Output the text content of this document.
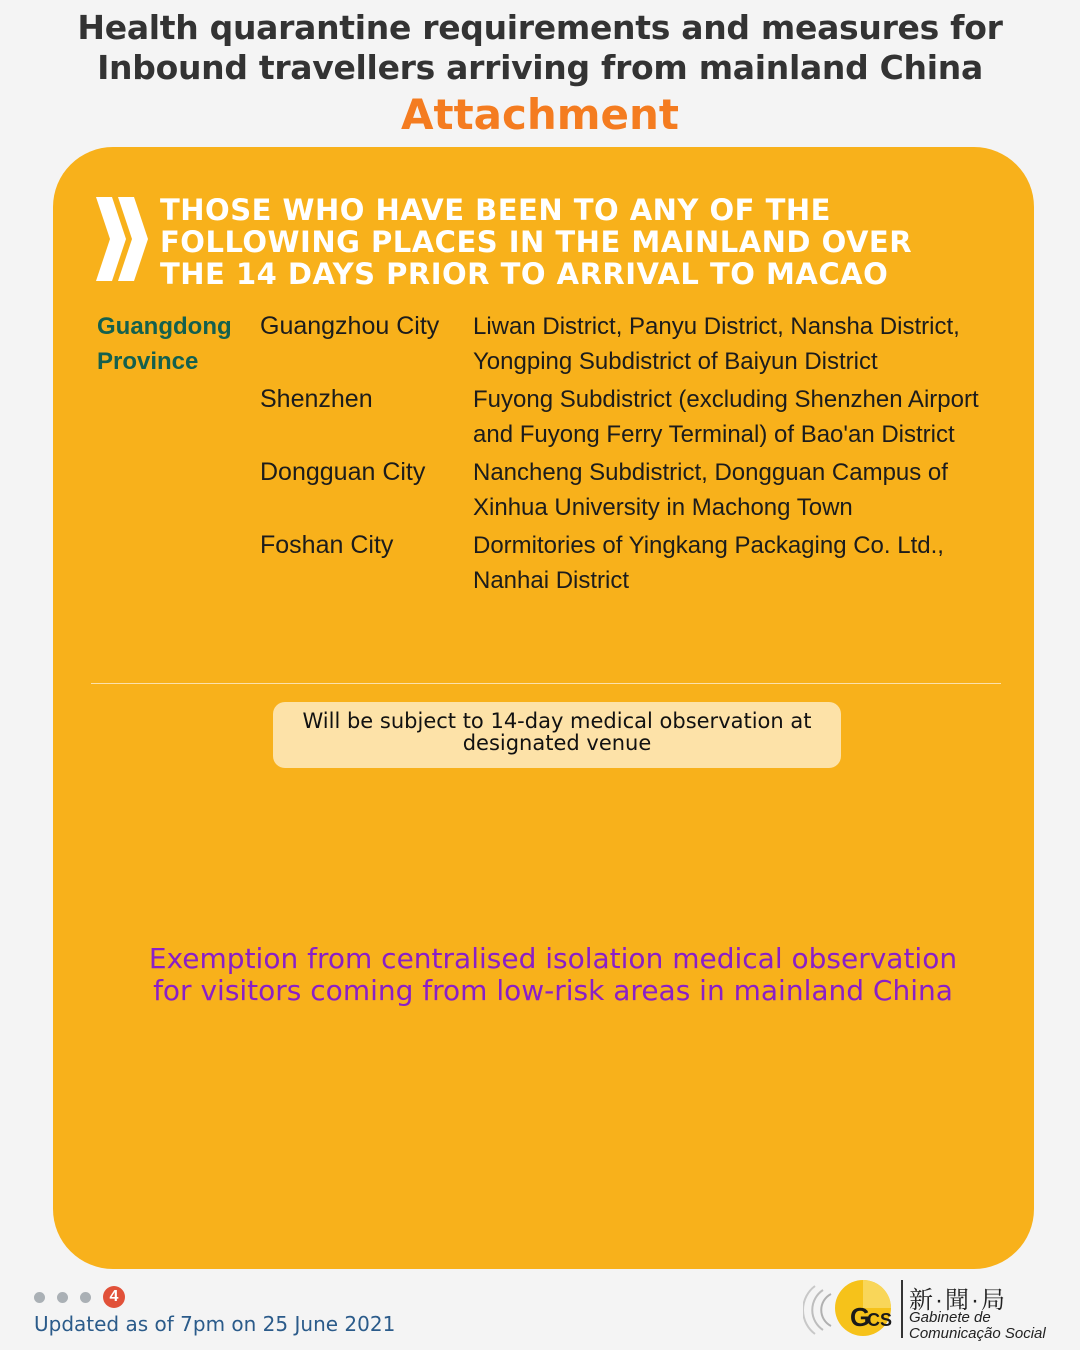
Health quarantine requirements and measures for
Inbound travellers arriving from mainland China

Attachment

THOSE WHO HAVE BEEN TO ANY OF THE
FOLLOWING PLACES IN THE MAINLAND OVER
THE 14 DAYS PRIOR TO ARRIVAL TO MACAO
Guangdong
Province
Guangzhou City	Liwan District, Panyu District, Nansha District, Yongping Subdistrict of Baiyun District
Shenzhen	Fuyong Subdistrict (excluding Shenzhen Airport and Fuyong Ferry Terminal) of Bao'an District
Dongguan City	Nancheng Subdistrict, Dongguan Campus of Xinhua University in Machong Town
Foshan City	Dormitories of Yingkang Packaging Co. Ltd., Nanhai District
Will be subject to 14-day medical observation at designated venue
Exemption from centralised isolation medical observation
for visitors coming from low-risk areas in mainland China
4
Updated as of 7pm on 25 June 2021	G
CS
新·聞·局
Gabinete de
Comunicação Social
